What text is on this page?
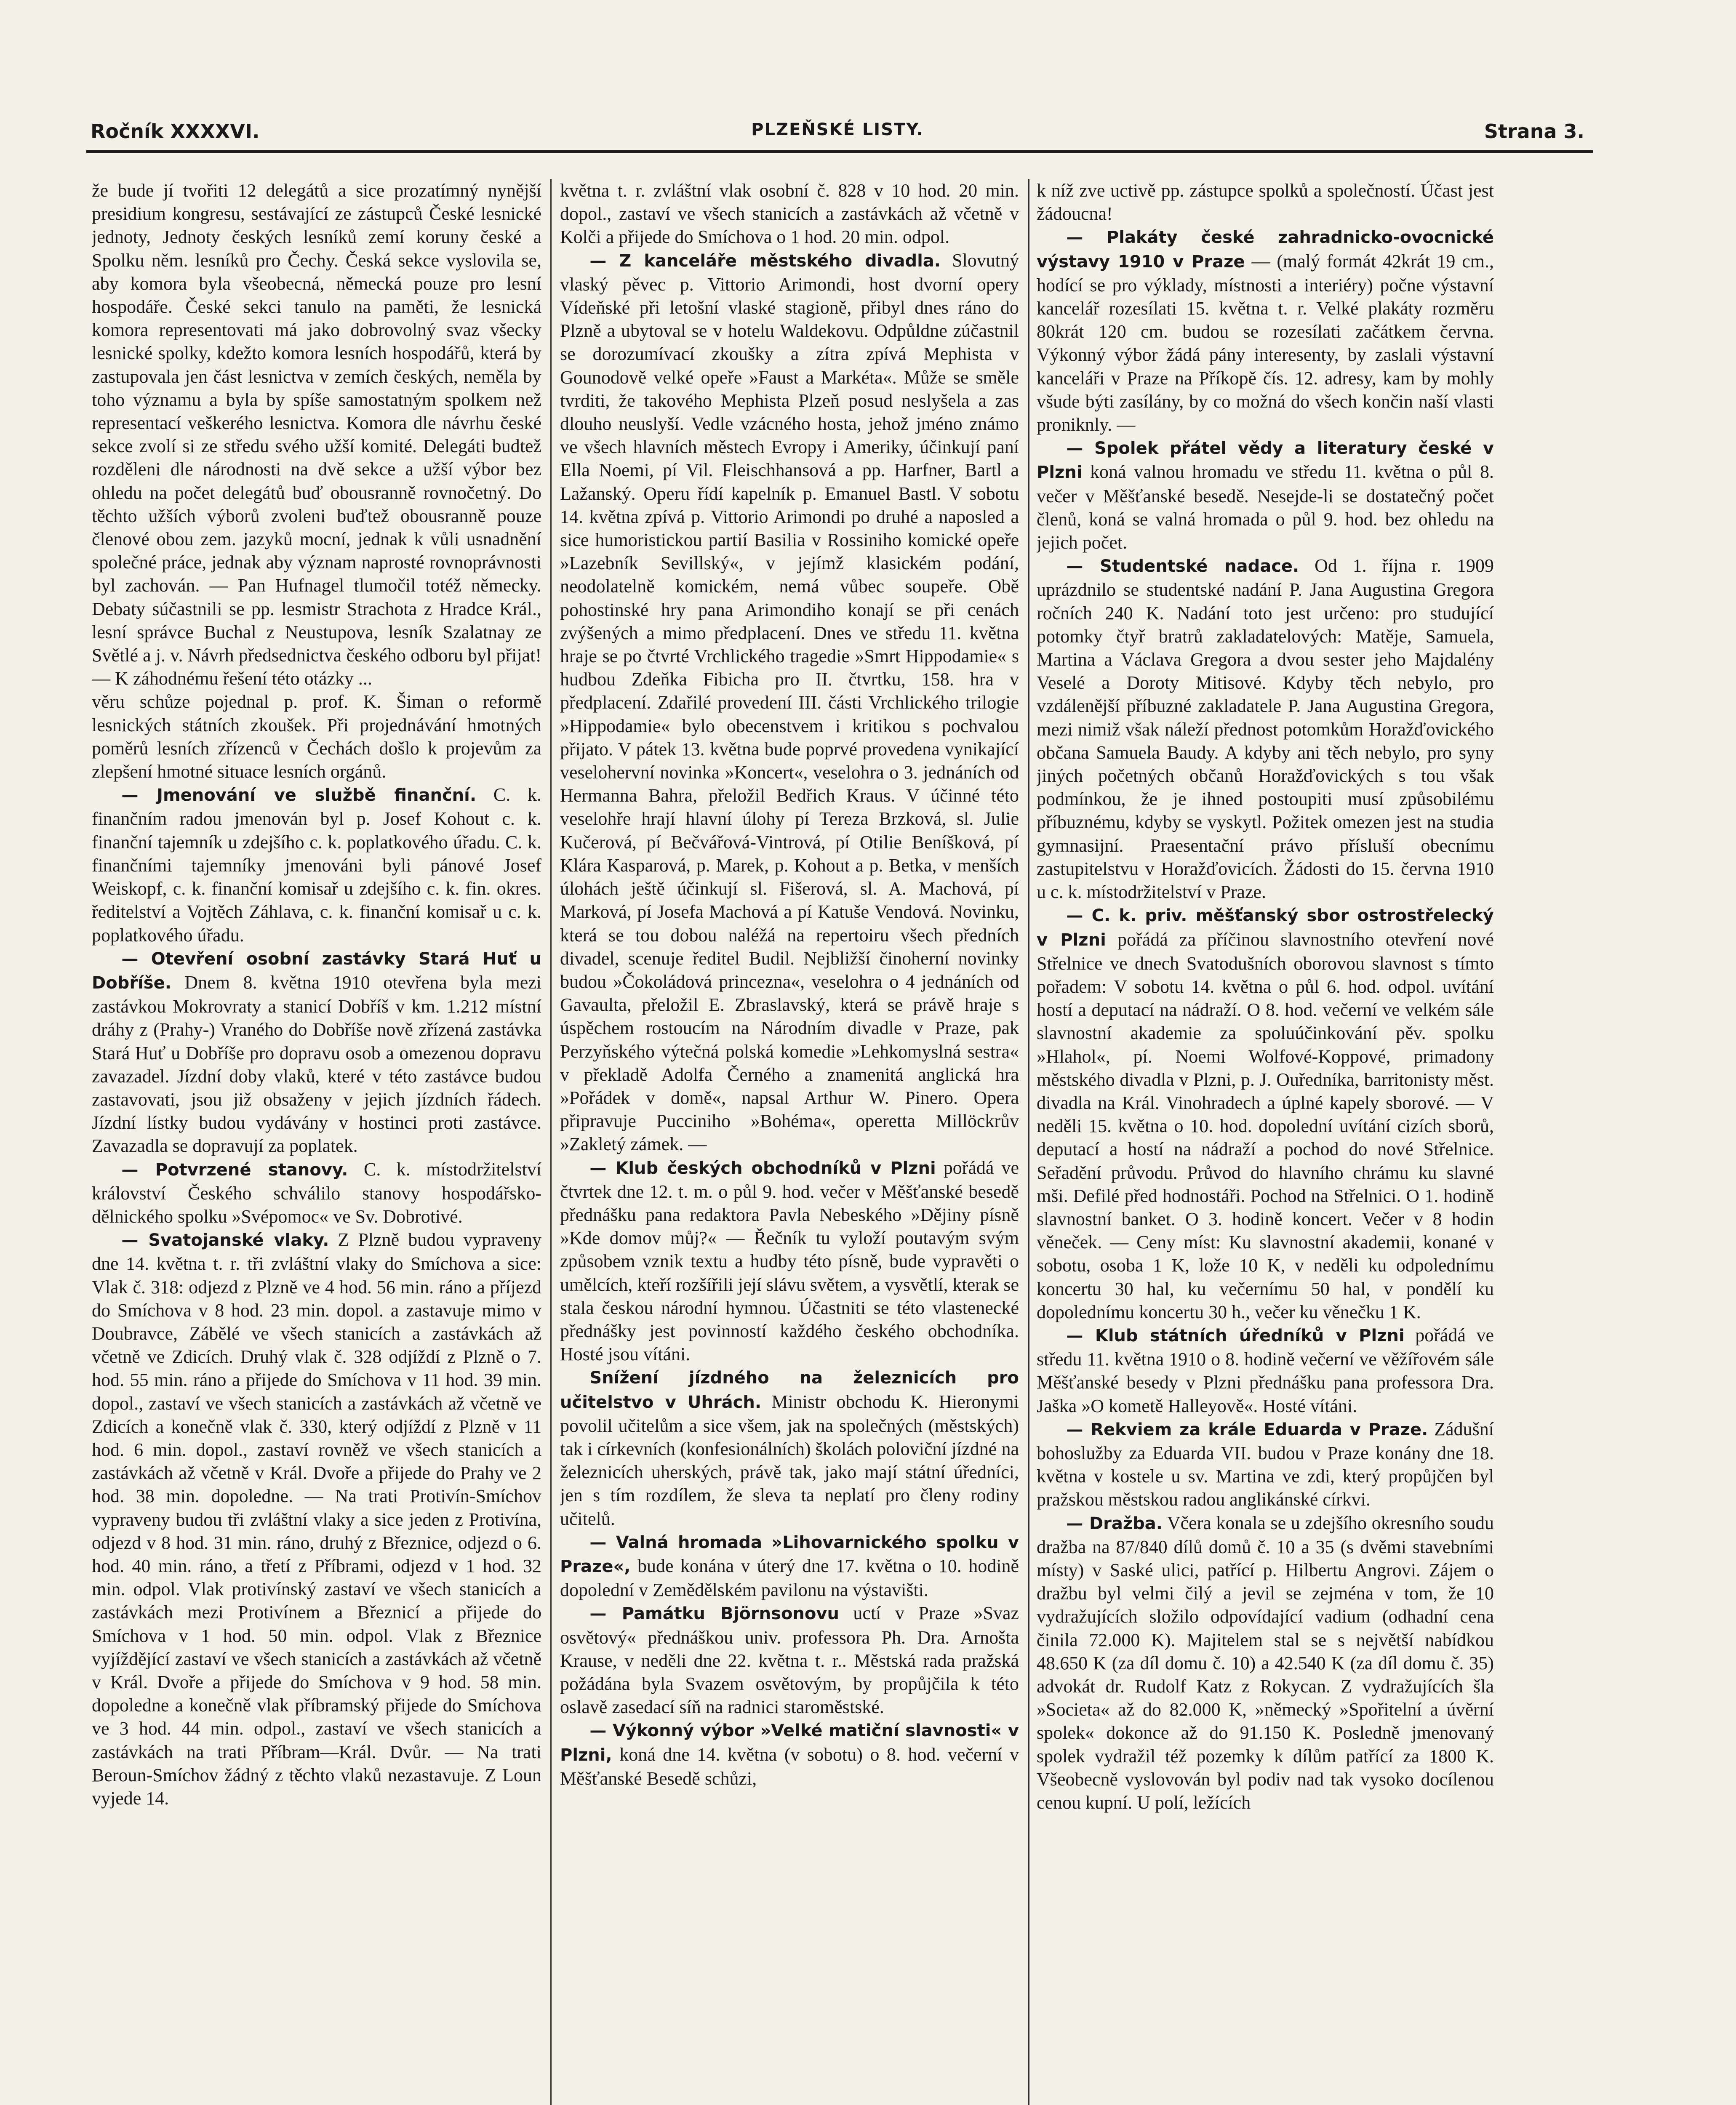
Ročník XXXXVI.	PLZEŇSKÉ LISTY.	Strana 3.

že bude jí tvořiti 12 delegátů a sice prozatímný nynější presidium kongresu, sestávající ze zástupců České lesnické jednoty, Jednoty českých lesníků zemí koruny české a Spolku něm. lesníků pro Čechy. Česká sekce vyslovila se, aby komora byla všeobecná, německá pouze pro lesní hospodáře. České sekci tanulo na paměti, že lesnická komora representovati má jako dobrovolný svaz všecky lesnické spolky, kdežto komora lesních hospodářů, která by zastupovala jen část lesnictva v zemích českých, neměla by toho významu a byla by spíše samostatným spolkem než representací veškerého lesnictva. Komora dle návrhu české sekce zvolí si ze středu svého užší komité. Delegáti budtež rozděleni dle národnosti na dvě sekce a užší výbor bez ohledu na počet delegátů buď obousranně rovnočetný. Do těchto užších výborů zvoleni buďtež obousranně pouze členové obou zem. jazyků mocní, jednak k vůli usnadnění společné práce, jednak aby význam naprosté rovnoprávnosti byl zachován. — Pan Hufnagel tlumočil totéž německy. Debaty súčastnili se pp. lesmistr Strachota z Hradce Král., lesní správce Buchal z Neustupova, lesník Szalatnay ze Světlé a j. v. Návrh předsednictva českého odboru byl přijat! — K záhodnému řešení této otázky ...

věru schůze pojednal p. prof. K. Šiman o reformě lesnických státních zkoušek. Při projednávání hmotných poměrů lesních zřízenců v Čechách došlo k projevům za zlepšení hmotné situace lesních orgánů.

— Jmenování ve službě finanční. C. k. finančním radou jmenován byl p. Josef Kohout c. k. finanční tajemník u zdejšího c. k. poplatkového úřadu. C. k. finančními tajemníky jmenováni byli pánové Josef Weiskopf, c. k. finanční komisař u zdejšího c. k. fin. okres. ředitelství a Vojtěch Záhlava, c. k. finanční komisař u c. k. poplatkového úřadu.

— Otevření osobní zastávky Stará Huť u Dobříše. Dnem 8. května 1910 otevřena byla mezi zastávkou Mokrovraty a stanicí Dobříš v km. 1.212 místní dráhy z (Prahy-) Vraného do Dobříše nově zřízená zastávka Stará Huť u Dobříše pro dopravu osob a omezenou dopravu zavazadel. Jízdní doby vlaků, které v této zastávce budou zastavovati, jsou již obsaženy v jejich jízdních řádech. Jízdní lístky budou vydávány v hostinci proti zastávce. Zavazadla se dopravují za poplatek.

— Potvrzené stanovy. C. k. místodržitelství království Českého schválilo stanovy hospodářsko-dělnického spolku »Svépomoc« ve Sv. Dobrotivé.

— Svatojanské vlaky. Z Plzně budou vypraveny dne 14. května t. r. tři zvláštní vlaky do Smíchova a sice: Vlak č. 318: odjezd z Plzně ve 4 hod. 56 min. ráno a příjezd do Smíchova v 8 hod. 23 min. dopol. a zastavuje mimo v Doubravce, Zábělé ve všech stanicích a zastávkách až včetně ve Zdicích. Druhý vlak č. 328 odjíždí z Plzně o 7. hod. 55 min. ráno a přijede do Smíchova v 11 hod. 39 min. dopol., zastaví ve všech stanicích a zastávkách až včetně ve Zdicích a konečně vlak č. 330, který odjíždí z Plzně v 11 hod. 6 min. dopol., zastaví rovněž ve všech stanicích a zastávkách až včetně v Král. Dvoře a přijede do Prahy ve 2 hod. 38 min. dopoledne. — Na trati Protivín-Smíchov vypraveny budou tři zvláštní vlaky a sice jeden z Protivína, odjezd v 8 hod. 31 min. ráno, druhý z Březnice, odjezd o 6. hod. 40 min. ráno, a třetí z Příbrami, odjezd v 1 hod. 32 min. odpol. Vlak protivínský zastaví ve všech stanicích a zastávkách mezi Protivínem a Březnicí a přijede do Smíchova v 1 hod. 50 min. odpol. Vlak z Březnice vyjíždějící zastaví ve všech stanicích a zastávkách až včetně v Král. Dvoře a přijede do Smíchova v 9 hod. 58 min. dopoledne a konečně vlak příbramský přijede do Smíchova ve 3 hod. 44 min. odpol., zastaví ve všech stanicích a zastávkách na trati Příbram—Král. Dvůr. — Na trati Beroun-Smíchov žádný z těchto vlaků nezastavuje. Z Loun vyjede 14.

května t. r. zvláštní vlak osobní č. 828 v 10 hod. 20 min. dopol., zastaví ve všech stanicích a zastávkách až včetně v Kolči a přijede do Smíchova o 1 hod. 20 min. odpol.

— Z kanceláře městského divadla. Slovutný vlaský pěvec p. Vittorio Arimondi, host dvorní opery Vídeňské při letošní vlaské stagioně, přibyl dnes ráno do Plzně a ubytoval se v hotelu Waldekovu. Odpůldne zúčastnil se dorozumívací zkoušky a zítra zpívá Mephista v Gounodově velké opeře »Faust a Markéta«. Může se směle tvrditi, že takového Mephista Plzeň posud neslyšela a zas dlouho neuslyší. Vedle vzácného hosta, jehož jméno známo ve všech hlavních městech Evropy i Ameriky, účinkují paní Ella Noemi, pí Vil. Fleischhansová a pp. Harfner, Bartl a Lažanský. Operu řídí kapelník p. Emanuel Bastl. V sobotu 14. května zpívá p. Vittorio Arimondi po druhé a naposled a sice humoristickou partií Basilia v Rossiniho komické opeře »Lazebník Sevillský«, v jejímž klasickém podání, neodolatelně komickém, nemá vůbec soupeře. Obě pohostinské hry pana Arimondiho konají se při cenách zvýšených a mimo předplacení. Dnes ve středu 11. května hraje se po čtvrté Vrchlického tragedie »Smrt Hippodamie« s hudbou Zdeňka Fibicha pro II. čtvrtku, 158. hra v předplacení. Zdařilé provedení III. části Vrchlického trilogie »Hippodamie« bylo obecenstvem i kritikou s pochvalou přijato. V pátek 13. května bude poprvé provedena vynikající veselohervní novinka »Koncert«, veselohra o 3. jednáních od Hermanna Bahra, přeložil Bedřich Kraus. V účinné této veselohře hrají hlavní úlohy pí Tereza Brzková, sl. Julie Kučerová, pí Bečvářová-Vintrová, pí Otilie Beníšková, pí Klára Kasparová, p. Marek, p. Kohout a p. Betka, v menších úlohách ještě účinkují sl. Fišerová, sl. A. Machová, pí Marková, pí Josefa Machová a pí Katuše Vendová. Novinku, která se tou dobou naléžá na repertoiru všech předních divadel, scenuje ředitel Budil. Nejbližší činoherní novinky budou »Čokoládová princezna«, veselohra o 4 jednáních od Gavaulta, přeložil E. Zbraslavský, která se právě hraje s úspěchem rostoucím na Národním divadle v Praze, pak Perzyňského výtečná polská komedie »Lehkomyslná sestra« v překladě Adolfa Černého a znamenitá anglická hra »Pořádek v domě«, napsal Arthur W. Pinero. Opera připravuje Pucciniho »Bohéma«, operetta Millöckrův »Zakletý zámek. —

— Klub českých obchodníků v Plzni pořádá ve čtvrtek dne 12. t. m. o půl 9. hod. večer v Měšťanské besedě přednášku pana redaktora Pavla Nebeského »Dějiny písně »Kde domov můj?« — Řečník tu vyloží poutavým svým způsobem vznik textu a hudby této písně, bude vypravěti o umělcích, kteří rozšířili její slávu světem, a vysvětlí, kterak se stala českou národní hymnou. Účastniti se této vlastenecké přednášky jest povinností každého českého obchodníka. Hosté jsou vítáni.

Snížení jízdného na železnicích pro učitelstvo v Uhrách. Ministr obchodu K. Hieronymi povolil učitelům a sice všem, jak na společných (městských) tak i církevních (konfesionálních) školách poloviční jízdné na železnicích uherských, právě tak, jako mají státní úředníci, jen s tím rozdílem, že sleva ta neplatí pro členy rodiny učitelů.

— Valná hromada »Lihovarnického spolku v Praze«, bude konána v úterý dne 17. května o 10. hodině dopolední v Zemědělském pavilonu na výstavišti.

— Památku Björnsonovu uctí v Praze »Svaz osvětový« přednáškou univ. professora Ph. Dra. Arnošta Krause, v neděli dne 22. května t. r.. Městská rada pražská požádána byla Svazem osvětovým, by propůjčila k této oslavě zasedací síň na radnici staroměstské.

— Výkonný výbor »Velké matiční slavnosti« v Plzni, koná dne 14. května (v sobotu) o 8. hod. večerní v Měšťanské Besedě schůzi,

k níž zve uctivě pp. zástupce spolků a společností. Účast jest žádoucna!

— Plakáty české zahradnicko-ovocnické výstavy 1910 v Praze — (malý formát 42krát 19 cm., hodící se pro výklady, místnosti a interiéry) počne výstavní kancelář rozesílati 15. května t. r. Velké plakáty rozměru 80krát 120 cm. budou se rozesílati začátkem června. Výkonný výbor žádá pány interesenty, by zaslali výstavní kanceláři v Praze na Příkopě čís. 12. adresy, kam by mohly všude býti zasílány, by co možná do všech končin naší vlasti proniknly. —

— Spolek přátel vědy a literatury české v Plzni koná valnou hromadu ve středu 11. května o půl 8. večer v Měšťanské besedě. Nesejde-li se dostatečný počet členů, koná se valná hromada o půl 9. hod. bez ohledu na jejich počet.

— Studentské nadace. Od 1. října r. 1909 uprázdnilo se studentské nadání P. Jana Augustina Gregora ročních 240 K. Nadání toto jest určeno: pro studující potomky čtyř bratrů zakladatelových: Matěje, Samuela, Martina a Václava Gregora a dvou sester jeho Majdalény Veselé a Doroty Mitisové. Kdyby těch nebylo, pro vzdálenější příbuzné zakladatele P. Jana Augustina Gregora, mezi nimiž však náleží přednost potomkům Horažďovického občana Samuela Baudy. A kdyby ani těch nebylo, pro syny jiných početných občanů Horažďovických s tou však podmínkou, že je ihned postoupiti musí způsobilému příbuznému, kdyby se vyskytl. Požitek omezen jest na studia gymnasijní. Praesentační právo přísluší obecnímu zastupitelstvu v Horažďovicích. Žádosti do 15. června 1910 u c. k. místodržitelství v Praze.

— C. k. priv. měšťanský sbor ostrostřelecký v Plzni pořádá za příčinou slavnostního otevření nové Střelnice ve dnech Svatodušních oborovou slavnost s tímto pořadem: V sobotu 14. května o půl 6. hod. odpol. uvítání hostí a deputací na nádraží. O 8. hod. večerní ve velkém sále slavnostní akademie za spoluúčinkování pěv. spolku »Hlahol«, pí. Noemi Wolfové-Koppové, primadony městského divadla v Plzni, p. J. Ouředníka, barritonisty měst. divadla na Král. Vinohradech a úplné kapely sborové. — V neděli 15. května o 10. hod. dopolední uvítání cizích sborů, deputací a hostí na nádraží a pochod do nové Střelnice. Seřadění průvodu. Průvod do hlavního chrámu ku slavné mši. Defilé před hodnostáři. Pochod na Střelnici. O 1. hodině slavnostní banket. O 3. hodině koncert. Večer v 8 hodin věneček. — Ceny míst: Ku slavnostní akademii, konané v sobotu, osoba 1 K, lože 10 K, v neděli ku odpolednímu koncertu 30 hal, ku večernímu 50 hal, v pondělí ku dopolednímu koncertu 30 h., večer ku věnečku 1 K.

— Klub státních úředníků v Plzni pořádá ve středu 11. května 1910 o 8. hodině večerní ve věžířovém sále Měšťanské besedy v Plzni přednášku pana professora Dra. Jaška »O kometě Halleyově«. Hosté vítáni.

— Rekviem za krále Eduarda v Praze. Zádušní bohoslužby za Eduarda VII. budou v Praze konány dne 18. května v kostele u sv. Martina ve zdi, který propůjčen byl pražskou městskou radou anglikánské církvi.

— Dražba. Včera konala se u zdejšího okresního soudu dražba na 87/840 dílů domů č. 10 a 35 (s dvěmi stavebními místy) v Saské ulici, patřící p. Hilbertu Angrovi. Zájem o dražbu byl velmi čilý a jevil se zejména v tom, že 10 vydražujících složilo odpovídající vadium (odhadní cena činila 72.000 K). Majitelem stal se s největší nabídkou 48.650 K (za díl domu č. 10) a 42.540 K (za díl domu č. 35) advokát dr. Rudolf Katz z Rokycan. Z vydražujících šla »Societa« až do 82.000 K, »německý »Spořitelní a úvěrní spolek« dokonce až do 91.150 K. Posledně jmenovaný spolek vydražil též pozemky k dílům patřící za 1800 K. Všeobecně vyslovován byl podiv nad tak vysoko docílenou cenou kupní. U polí, ležících
